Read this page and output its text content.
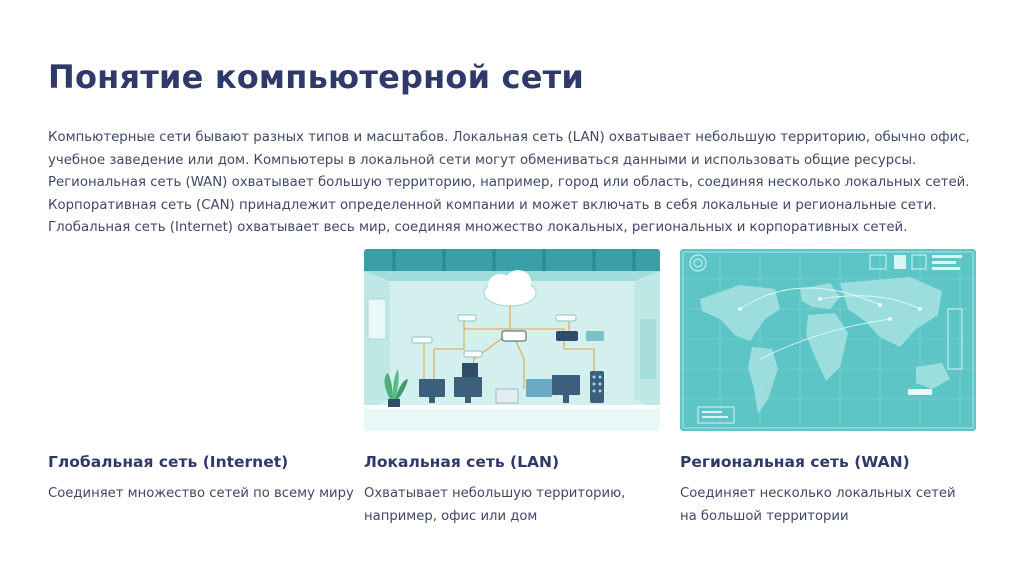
Понятие компьютерной сети
Компьютерные сети бывают разных типов и масштабов. Локальная сеть (LAN) охватывает небольшую территорию, обычно офис, учебное заведение или дом. Компьютеры в локальной сети могут обмениваться данными и использовать общие ресурсы. Региональная сеть (WAN) охватывает большую территорию, например, город или область, соединяя несколько локальных сетей. Корпоративная сеть (CAN) принадлежит определенной компании и может включать в себя локальные и региональные сети. Глобальная сеть (Internet) охватывает весь мир, соединяя множество локальных, региональных и корпоративных сетей.
Глобальная сеть (Internet)	Локальная сеть (LAN)	Региональная сеть (WAN)
Соединяет множество сетей по всему миру Охватывает небольшую территорию, например, офис или дом
Соединяет несколько локальных сетей на большой территории
